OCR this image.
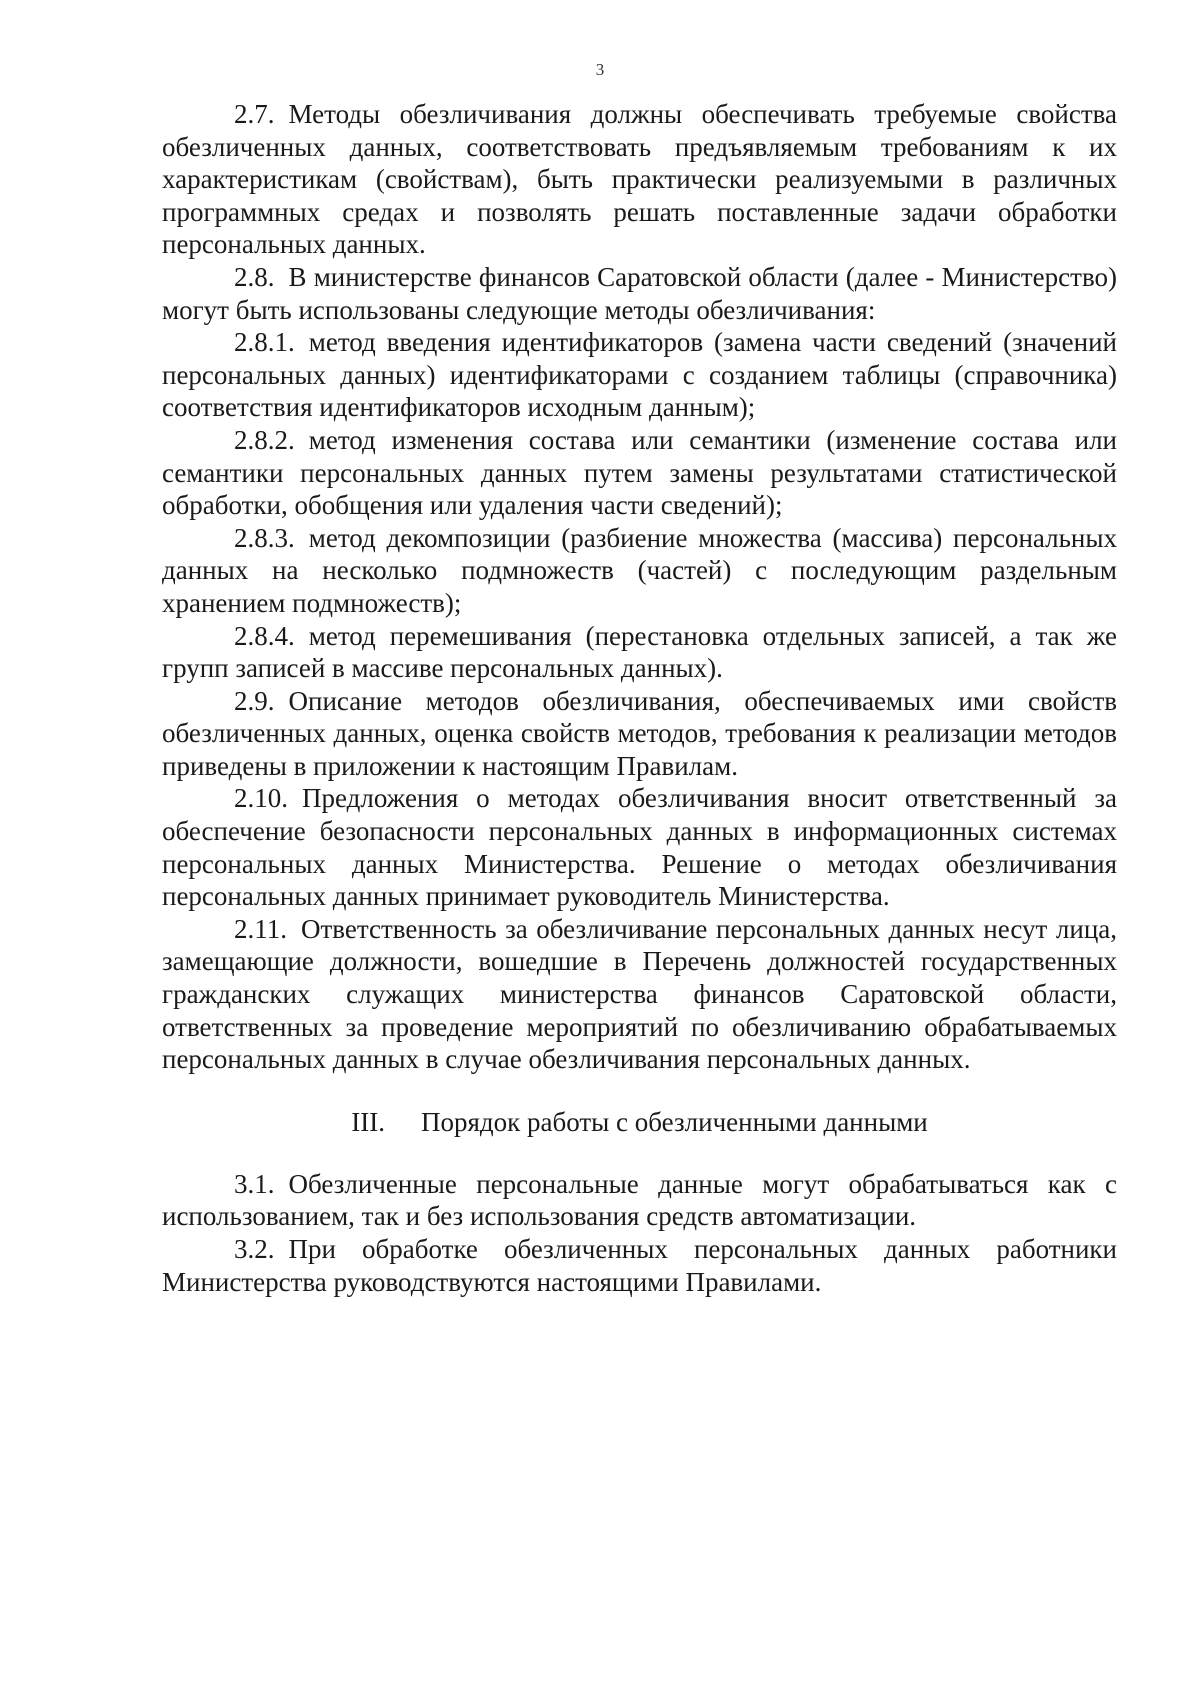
3

2.7. Методы обезличивания должны обеспечивать требуемые свойства обезличенных данных, соответствовать предъявляемым требованиям к их характеристикам (свойствам), быть практически реализуемыми в различных программных средах и позволять решать поставленные задачи обработки персональных данных.

2.8. В министерстве финансов Саратовской области (далее - Министерство) могут быть использованы следующие методы обезличивания:

2.8.1. метод введения идентификаторов (замена части сведений (значений персональных данных) идентификаторами с созданием таблицы (справочника) соответствия идентификаторов исходным данным);

2.8.2. метод изменения состава или семантики (изменение состава или семантики персональных данных путем замены результатами статистической обработки, обобщения или удаления части сведений);

2.8.3. метод декомпозиции (разбиение множества (массива) персональных данных на несколько подмножеств (частей) с последующим раздельным хранением подмножеств);

2.8.4. метод перемешивания (перестановка отдельных записей, а так же групп записей в массиве персональных данных).

2.9. Описание методов обезличивания, обеспечиваемых ими свойств обезличенных данных, оценка свойств методов, требования к реализации методов приведены в приложении к настоящим Правилам.

2.10. Предложения о методах обезличивания вносит ответственный за обеспечение безопасности персональных данных в информационных системах персональных данных Министерства. Решение о методах обезличивания персональных данных принимает руководитель Министерства.

2.11. Ответственность за обезличивание персональных данных несут лица, замещающие должности, вошедшие в Перечень должностей государственных гражданских служащих министерства финансов Саратовской области, ответственных за проведение мероприятий по обезличиванию обрабатываемых персональных данных в случае обезличивания персональных данных.

III. Порядок работы с обезличенными данными

3.1. Обезличенные персональные данные могут обрабатываться как с использованием, так и без использования средств автоматизации.

3.2. При обработке обезличенных персональных данных работники Министерства руководствуются настоящими Правилами.
